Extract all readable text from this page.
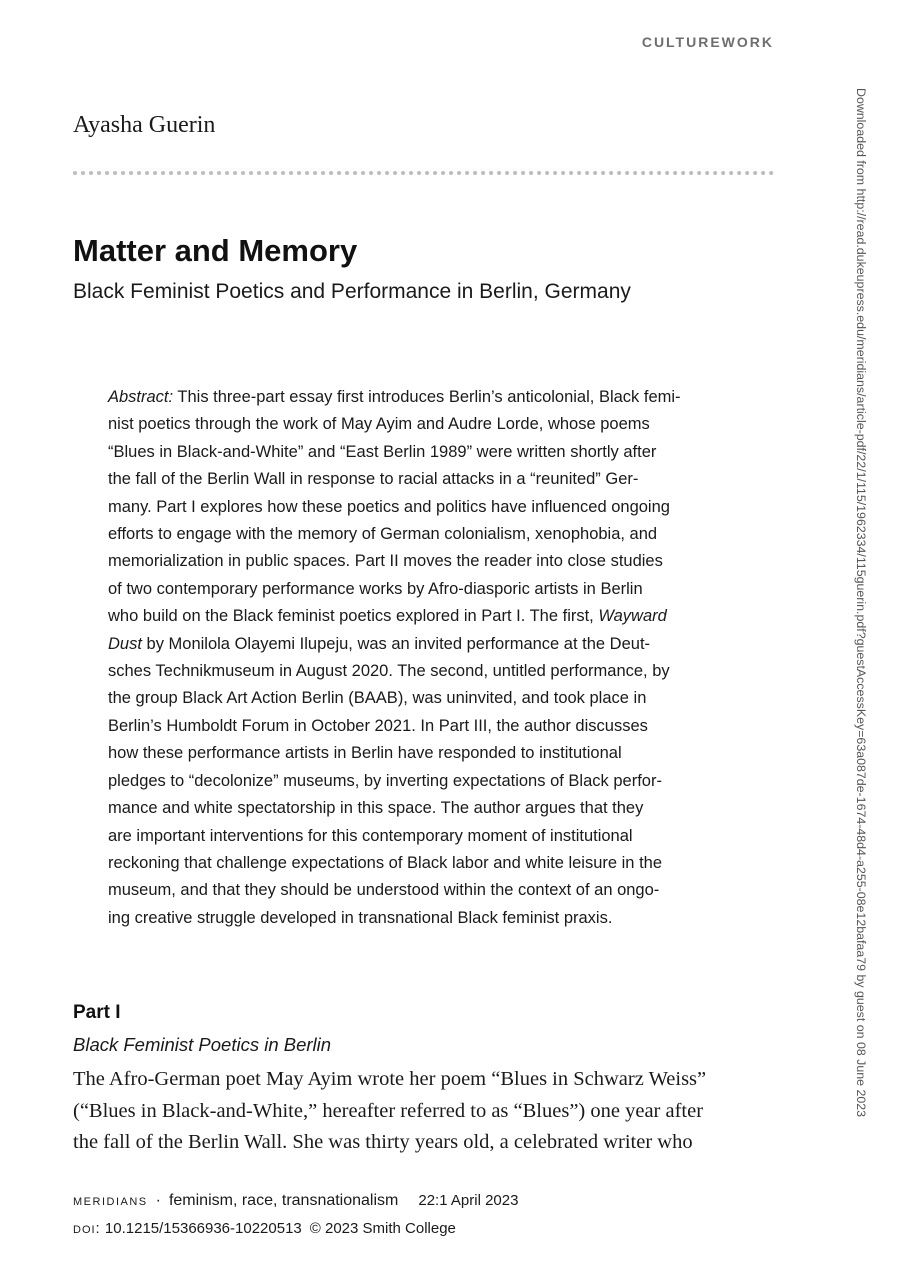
CULTUREWORK
Ayasha Guerin
Matter and Memory
Black Feminist Poetics and Performance in Berlin, Germany
Abstract: This three-part essay first introduces Berlin’s anticolonial, Black femi-
nist poetics through the work of May Ayim and Audre Lorde, whose poems
“Blues in Black-and-White” and “East Berlin 1989” were written shortly after
the fall of the Berlin Wall in response to racial attacks in a “reunited” Ger-
many. Part I explores how these poetics and politics have influenced ongoing
efforts to engage with the memory of German colonialism, xenophobia, and
memorialization in public spaces. Part II moves the reader into close studies
of two contemporary performance works by Afro-diasporic artists in Berlin
who build on the Black feminist poetics explored in Part I. The first, Wayward
Dust by Monilola Olayemi Ilupeju, was an invited performance at the Deut-
sches Technikmuseum in August 2020. The second, untitled performance, by
the group Black Art Action Berlin (BAAB), was uninvited, and took place in
Berlin’s Humboldt Forum in October 2021. In Part III, the author discusses
how these performance artists in Berlin have responded to institutional
pledges to “decolonize” museums, by inverting expectations of Black perfor-
mance and white spectatorship in this space. The author argues that they
are important interventions for this contemporary moment of institutional
reckoning that challenge expectations of Black labor and white leisure in the
museum, and that they should be understood within the context of an ongo-
ing creative struggle developed in transnational Black feminist praxis.
Part I
Black Feminist Poetics in Berlin
The Afro-German poet May Ayim wrote her poem “Blues in Schwarz Weiss”
(“Blues in Black-and-White,” hereafter referred to as “Blues”) one year after
the fall of the Berlin Wall. She was thirty years old, a celebrated writer who
meridians · feminism, race, transnationalism 22:1 April 2023
doi: 10.1215/15366936-10220513 © 2023 Smith College
Downloaded from http://read.dukeupress.edu/meridians/article-pdf/22/1/115/1962334/115guerin.pdf?guestAccessKey=63a087de-1674-48d4-a255-08e12bafaa79 by guest on 08 June 2023
